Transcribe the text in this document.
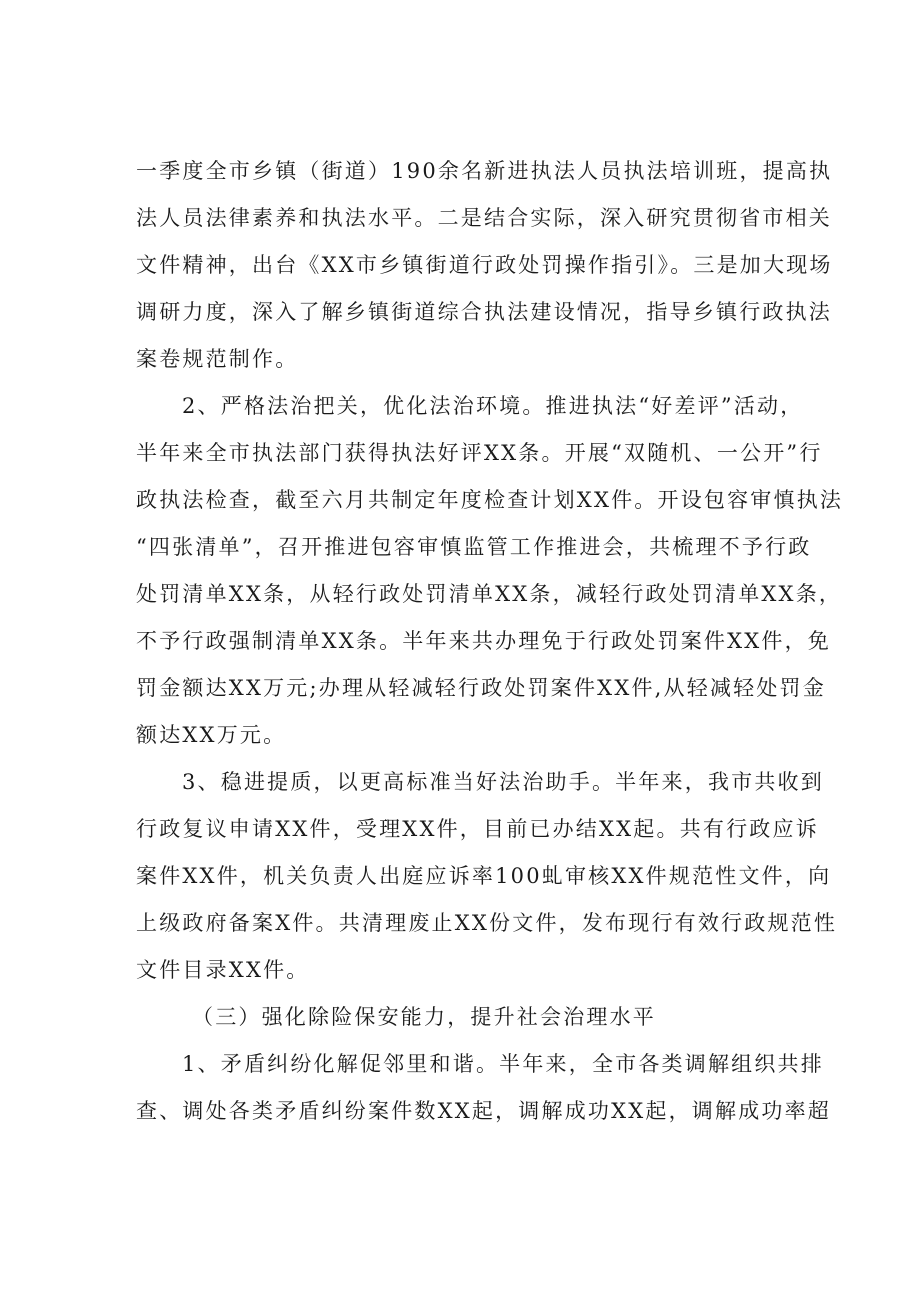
一季度全市乡镇（街道）190余名新进执法人员执法培训班，提高执
法人员法律素养和执法水平。二是结合实际，深入研究贯彻省市相关
文件精神，出台《XX市乡镇街道行政处罚操作指引》。三是加大现场
调研力度，深入了解乡镇街道综合执法建设情况，指导乡镇行政执法
案卷规范制作。
2、严格法治把关，优化法治环境。推进执法“好差评”活动，
半年来全市执法部门获得执法好评XX条。开展“双随机、一公开”行
政执法检查，截至六月共制定年度检查计划XX件。开设包容审慎执法
“四张清单”，召开推进包容审慎监管工作推进会，共梳理不予行政
处罚清单XX条，从轻行政处罚清单XX条，减轻行政处罚清单XX条，
不予行政强制清单XX条。半年来共办理免于行政处罚案件XX件，免
罚金额达XX万元;办理从轻减轻行政处罚案件XX件,从轻减轻处罚金
额达XX万元。
3、稳进提质，以更高标准当好法治助手。半年来，我市共收到
行政复议申请XX件，受理XX件，目前已办结XX起。共有行政应诉
案件XX件，机关负责人出庭应诉率100虬审核XX件规范性文件，向
上级政府备案X件。共清理废止XX份文件，发布现行有效行政规范性
文件目录XX件。
（三）强化除险保安能力，提升社会治理水平
1、矛盾纠纷化解促邻里和谐。半年来，全市各类调解组织共排
查、调处各类矛盾纠纷案件数XX起，调解成功XX起，调解成功率超
